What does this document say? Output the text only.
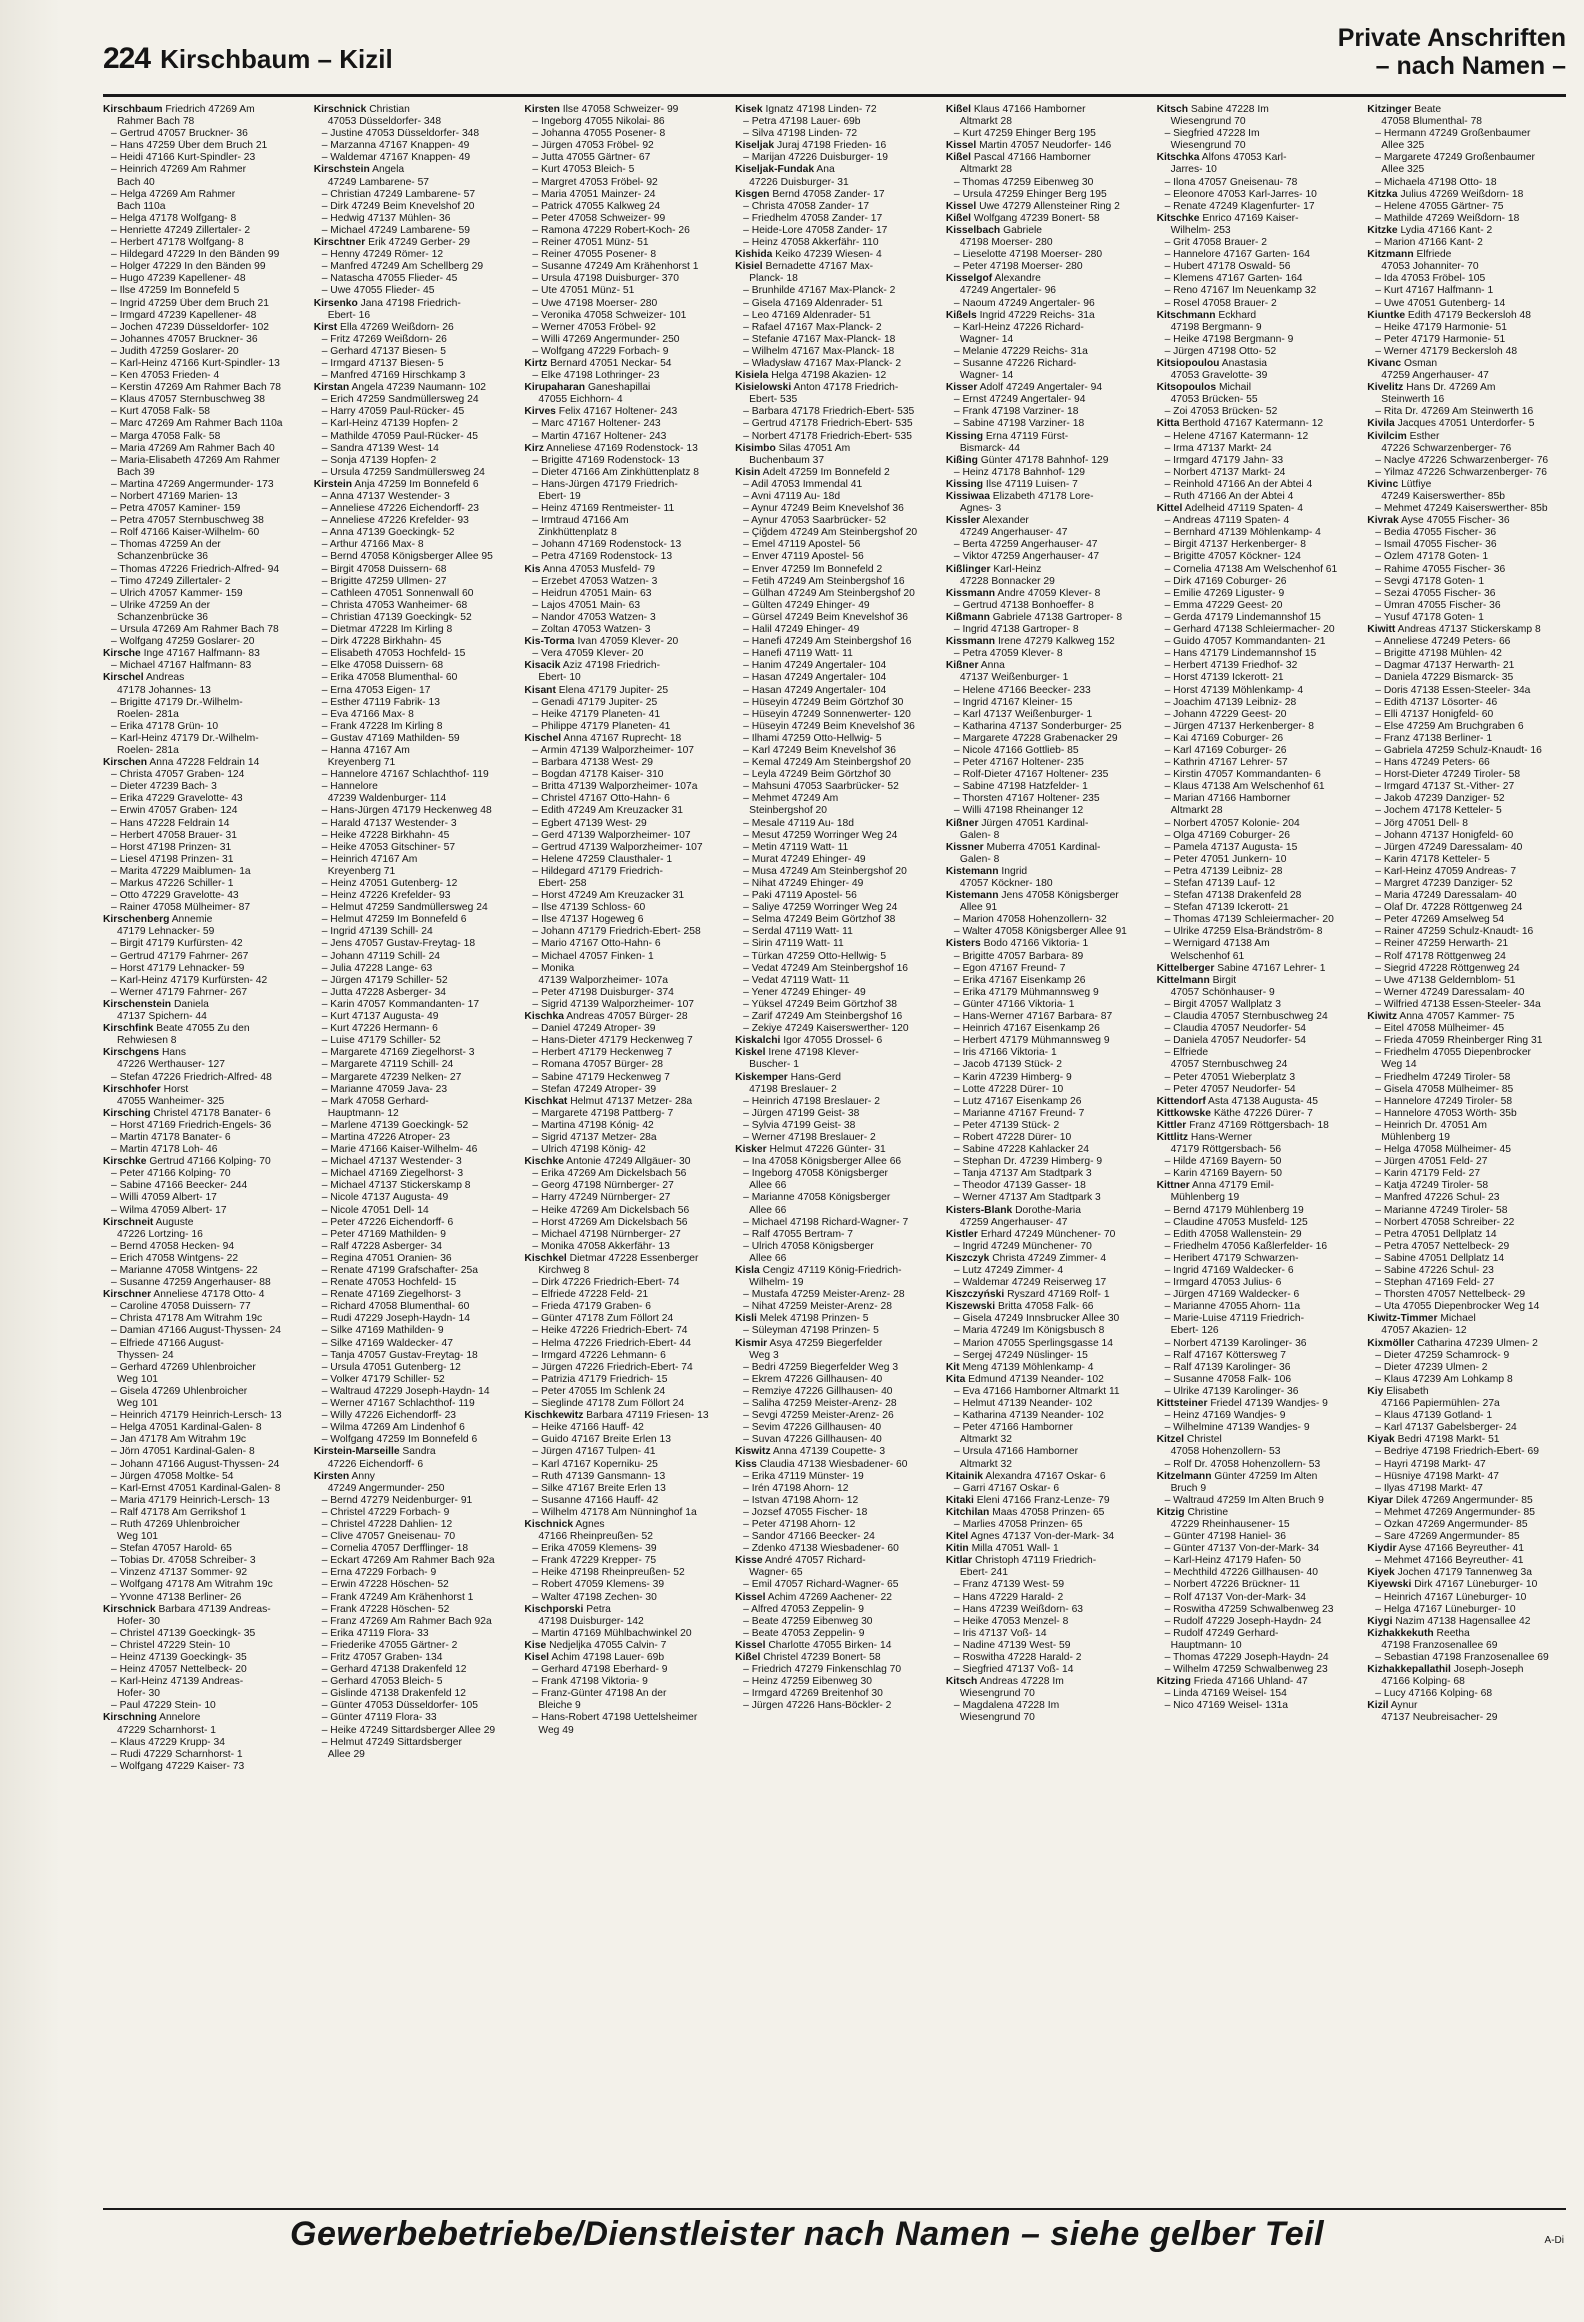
224 Kirschbaum – Kizil
Private Anschriften
– nach Namen –
Kirschbaum Friedrich 47269 Am
Rahmer Bach 78
– Gertrud 47057 Bruckner- 36
– Hans 47259 Über dem Bruch 21
– Heidi 47166 Kurt-Spindler- 23
– Heinrich 47269 Am Rahmer
Bach 40
– Helga 47269 Am Rahmer
Bach 110a
– Helga 47178 Wolfgang- 8
– Henriette 47249 Zillertaler- 2
– Herbert 47178 Wolfgang- 8
– Hildegard 47229 In den Bänden 99
– Holger 47229 In den Bänden 99
– Hugo 47239 Kapellener- 48
– Ilse 47259 Im Bonnefeld 5
– Ingrid 47259 Über dem Bruch 21
– Irmgard 47239 Kapellener- 48
– Jochen 47239 Düsseldorfer- 102
– Johannes 47057 Bruckner- 36
– Judith 47259 Goslarer- 20
– Karl-Heinz 47166 Kurt-Spindler- 13
– Ken 47053 Frieden- 4
– Kerstin 47269 Am Rahmer Bach 78
– Klaus 47057 Sternbuschweg 38
– Kurt 47058 Falk- 58
– Marc 47269 Am Rahmer Bach 110a
– Marga 47058 Falk- 58
– Maria 47269 Am Rahmer Bach 40
– Maria-Elisabeth 47269 Am Rahmer
Bach 39
– Martina 47269 Angermunder- 173
– Norbert 47169 Marien- 13
– Petra 47057 Kaminer- 159
– Petra 47057 Sternbuschweg 38
– Rolf 47166 Kaiser-Wilhelm- 60
– Thomas 47259 An der
Schanzenbrücke 36
– Thomas 47226 Friedrich-Alfred- 94
– Timo 47249 Zillertaler- 2
– Ulrich 47057 Kammer- 159
– Ulrike 47259 An der
Schanzenbrücke 36
– Ursula 47269 Am Rahmer Bach 78
– Wolfgang 47259 Goslarer- 20
Kirsche Inge 47167 Halfmann- 83
– Michael 47167 Halfmann- 83
Kirschel Andreas
47178 Johannes- 13
– Brigitte 47179 Dr.-Wilhelm-
Roelen- 281a
– Erika 47178 Grün- 10
– Karl-Heinz 47179 Dr.-Wilhelm-
Roelen- 281a
Kirschen Anna 47228 Feldrain 14
– Christa 47057 Graben- 124
– Dieter 47239 Bach- 3
– Erika 47229 Gravelotte- 43
– Erwin 47057 Graben- 124
– Hans 47228 Feldrain 14
– Herbert 47058 Brauer- 31
– Horst 47198 Prinzen- 31
– Liesel 47198 Prinzen- 31
– Marita 47229 Maiblumen- 1a
– Markus 47226 Schiller- 1
– Otto 47229 Gravelotte- 43
– Rainer 47058 Mülheimer- 87
Kirschenberg Annemie
47179 Lehnacker- 59
– Birgit 47179 Kurfürsten- 42
– Gertrud 47179 Fahrner- 267
– Horst 47179 Lehnacker- 59
– Karl-Heinz 47179 Kurfürsten- 42
– Werner 47179 Fahrner- 267
Kirschenstein Daniela
47137 Spichern- 44
Kirschfink Beate 47055 Zu den
Rehwiesen 8
Kirschgens Hans
47226 Werthauser- 127
– Stefan 47226 Friedrich-Alfred- 48
Kirschhofer Horst
47055 Wanheimer- 325
Kirsching Christel 47178 Banater- 6
– Horst 47169 Friedrich-Engels- 36
– Martin 47178 Banater- 6
– Martin 47178 Loh- 46
Kirschke Gertrud 47166 Kolping- 70
– Peter 47166 Kolping- 70
– Sabine 47166 Beecker- 244
– Willi 47059 Albert- 17
– Wilma 47059 Albert- 17
Kirschneit Auguste
47226 Lortzing- 16
– Bernd 47058 Hecken- 94
– Erich 47058 Wintgens- 22
– Marianne 47058 Wintgens- 22
– Susanne 47259 Angerhauser- 88
Kirschner Anneliese 47178 Otto- 4
– Caroline 47058 Duissern- 77
– Christa 47178 Am Witrahm 19c
– Damian 47166 August-Thyssen- 24
– Elfriede 47166 August-
Thyssen- 24
– Gerhard 47269 Uhlenbroicher
Weg 101
– Gisela 47269 Uhlenbroicher
Weg 101
– Heinrich 47179 Heinrich-Lersch- 13
– Helga 47051 Kardinal-Galen- 8
– Jan 47178 Am Witrahm 19c
– Jörn 47051 Kardinal-Galen- 8
– Johann 47166 August-Thyssen- 24
– Jürgen 47058 Moltke- 54
– Karl-Ernst 47051 Kardinal-Galen- 8
– Maria 47179 Heinrich-Lersch- 13
– Ralf 47178 Am Gerrikshof 1
– Ruth 47269 Uhlenbroicher
Weg 101
– Stefan 47057 Harold- 65
– Tobias Dr. 47058 Schreiber- 3
– Vinzenz 47137 Sommer- 92
– Wolfgang 47178 Am Witrahm 19c
– Yvonne 47138 Berliner- 26
Kirschnick Barbara 47139 Andreas-
Hofer- 30
– Christel 47139 Goeckingk- 35
– Christel 47229 Stein- 10
– Heinz 47139 Goeckingk- 35
– Heinz 47057 Nettelbeck- 20
– Karl-Heinz 47139 Andreas-
Hofer- 30
– Paul 47229 Stein- 10
Kirschning Annelore
47229 Scharnhorst- 1
– Klaus 47229 Krupp- 34
– Rudi 47229 Scharnhorst- 1
– Wolfgang 47229 Kaiser- 73
Kirschnick Christian
47053 Düsseldorfer- 348
– Justine 47053 Düsseldorfer- 348
– Marzanna 47167 Knappen- 49
– Waldemar 47167 Knappen- 49
Kirschstein Angela
47249 Lambarene- 57
– Christian 47249 Lambarene- 57
– Dirk 47249 Beim Knevelshof 20
– Hedwig 47137 Mühlen- 36
– Michael 47249 Lambarene- 59
Kirschtner Erik 47249 Gerber- 29
– Henny 47249 Römer- 12
– Manfred 47249 Am Schellberg 29
– Natascha 47055 Flieder- 45
– Uwe 47055 Flieder- 45
Kirsenko Jana 47198 Friedrich-
Ebert- 16
Kirst Ella 47269 Weißdorn- 26
– Fritz 47269 Weißdorn- 26
– Gerhard 47137 Biesen- 5
– Irmgard 47137 Biesen- 5
– Manfred 47169 Hirschkamp 3
Kirstan Angela 47239 Naumann- 102
– Erich 47259 Sandmüllersweg 24
– Harry 47059 Paul-Rücker- 45
– Karl-Heinz 47139 Hopfen- 2
– Mathilde 47059 Paul-Rücker- 45
– Sandra 47139 West- 14
– Sonja 47139 Hopfen- 2
– Ursula 47259 Sandmüllersweg 24
Kirstein Anja 47259 Im Bonnefeld 6
– Anna 47137 Westender- 3
– Anneliese 47226 Eichendorff- 23
– Anneliese 47226 Krefelder- 93
– Anna 47139 Goeckingk- 52
– Arthur 47166 Max- 8
– Bernd 47058 Königsberger Allee 95
– Birgit 47058 Duissern- 68
– Brigitte 47259 Ullmen- 27
– Cathleen 47051 Sonnenwall 60
– Christa 47053 Wanheimer- 68
– Christian 47139 Goeckingk- 52
– Dietmar 47228 Im Kirling 8
– Dirk 47228 Birkhahn- 45
– Elisabeth 47053 Hochfeld- 15
– Elke 47058 Duissern- 68
– Erika 47058 Blumenthal- 60
– Erna 47053 Eigen- 17
– Esther 47119 Fabrik- 13
– Eva 47166 Max- 8
– Frank 47228 Im Kirling 8
– Gustav 47169 Mathilden- 59
– Hanna 47167 Am
Kreyenberg 71
– Hannelore 47167 Schlachthof- 119
– Hannelore
47239 Waldenburger- 114
– Hans-Jürgen 47179 Heckenweg 48
– Harald 47137 Westender- 3
– Heike 47228 Birkhahn- 45
– Heike 47053 Gitschiner- 57
– Heinrich 47167 Am
Kreyenberg 71
– Heinz 47051 Gutenberg- 12
– Heinz 47226 Krefelder- 93
– Helmut 47259 Sandmüllersweg 24
– Helmut 47259 Im Bonnefeld 6
– Ingrid 47139 Schill- 24
– Jens 47057 Gustav-Freytag- 18
– Johann 47119 Schill- 24
– Julia 47228 Lange- 63
– Jürgen 47179 Schiller- 52
– Jutta 47228 Asberger- 34
– Karin 47057 Kommandanten- 17
– Kurt 47137 Augusta- 49
– Kurt 47226 Hermann- 6
– Luise 47179 Schiller- 52
– Margarete 47169 Ziegelhorst- 3
– Margarete 47119 Schill- 24
– Margarete 47239 Nelken- 27
– Marianne 47059 Java- 23
– Mark 47058 Gerhard-
Hauptmann- 12
– Marlene 47139 Goeckingk- 52
– Martina 47226 Atroper- 23
– Marie 47166 Kaiser-Wilhelm- 46
– Michael 47137 Westender- 3
– Michael 47169 Ziegelhorst- 3
– Michael 47137 Stickerskamp 8
– Nicole 47137 Augusta- 49
– Nicole 47051 Dell- 14
– Peter 47226 Eichendorff- 6
– Peter 47169 Mathilden- 9
– Ralf 47228 Asberger- 34
– Regina 47051 Oranien- 36
– Renate 47199 Grafschafter- 25a
– Renate 47053 Hochfeld- 15
– Renate 47169 Ziegelhorst- 3
– Richard 47058 Blumenthal- 60
– Rudi 47229 Joseph-Haydn- 14
– Silke 47169 Mathilden- 9
– Silke 47169 Waldecker- 47
– Tanja 47057 Gustav-Freytag- 18
– Ursula 47051 Gutenberg- 12
– Volker 47179 Schiller- 52
– Waltraud 47229 Joseph-Haydn- 14
– Werner 47167 Schlachthof- 119
– Willy 47226 Eichendorff- 23
– Wilma 47269 Am Lindenhof 6
– Wolfgang 47259 Im Bonnefeld 6
Kirstein-Marseille Sandra
47226 Eichendorff- 6
Kirsten Anny
47249 Angermunder- 250
– Bernd 47279 Neidenburger- 91
– Christel 47229 Forbach- 9
– Christel 47228 Dahlien- 12
– Clive 47057 Gneisenau- 70
– Cornelia 47057 Derfflinger- 18
– Eckart 47269 Am Rahmer Bach 92a
– Erna 47229 Forbach- 9
– Erwin 47228 Höschen- 52
– Frank 47249 Am Krähenhorst 1
– Frank 47228 Höschen- 52
– Franz 47269 Am Rahmer Bach 92a
– Erika 47119 Flora- 33
– Friederike 47055 Gärtner- 2
– Fritz 47057 Graben- 134
– Gerhard 47138 Drakenfeld 12
– Gerhard 47053 Bleich- 5
– Gislinde 47138 Drakenfeld 12
– Günter 47053 Düsseldorfer- 105
– Günter 47119 Flora- 33
– Heike 47249 Sittardsberger Allee 29
– Helmut 47249 Sittardsberger
Allee 29
Kirsten Ilse 47058 Schweizer- 99
– Ingeborg 47055 Nikolai- 86
– Johanna 47055 Posener- 8
– Jürgen 47053 Fröbel- 92
– Jutta 47055 Gärtner- 67
– Kurt 47053 Bleich- 5
– Margret 47053 Fröbel- 92
– Maria 47051 Mainzer- 24
– Patrick 47055 Kalkweg 24
– Peter 47058 Schweizer- 99
– Ramona 47229 Robert-Koch- 26
– Reiner 47051 Münz- 51
– Reiner 47055 Posener- 8
– Susanne 47249 Am Krähenhorst 1
– Ursula 47198 Duisburger- 370
– Ute 47051 Münz- 51
– Uwe 47198 Moerser- 280
– Veronika 47058 Schweizer- 101
– Werner 47053 Fröbel- 92
– Willi 47269 Angermunder- 250
– Wolfgang 47229 Forbach- 9
Kirtz Bernard 47051 Neckar- 54
– Elke 47198 Lothringer- 23
Kirupaharan Ganeshapillai
47055 Eichhorn- 4
Kirves Felix 47167 Holtener- 243
– Marc 47167 Holtener- 243
– Martin 47167 Holtener- 243
Kirz Anneliese 47169 Rodenstock- 13
– Brigitte 47169 Rodenstock- 13
– Dieter 47166 Am Zinkhüttenplatz 8
– Hans-Jürgen 47179 Friedrich-
Ebert- 19
– Heinz 47169 Rentmeister- 11
– Irmtraud 47166 Am
Zinkhüttenplatz 8
– Johann 47169 Rodenstock- 13
– Petra 47169 Rodenstock- 13
Kis Anna 47053 Musfeld- 79
– Erzebet 47053 Watzen- 3
– Heidrun 47051 Main- 63
– Lajos 47051 Main- 63
– Nandor 47053 Watzen- 3
– Zoltan 47053 Watzen- 3
Kis-Torma Ivan 47059 Klever- 20
– Vera 47059 Klever- 20
Kisacik Aziz 47198 Friedrich-
Ebert- 10
Kisant Elena 47179 Jupiter- 25
– Genadi 47179 Jupiter- 25
– Heike 47179 Planeten- 41
– Philippe 47179 Planeten- 41
Kischel Anna 47167 Ruprecht- 18
– Armin 47139 Walporzheimer- 107
– Barbara 47138 West- 29
– Bogdan 47178 Kaiser- 310
– Britta 47139 Walporzheimer- 107a
– Christel 47167 Otto-Hahn- 6
– Edith 47249 Am Kreuzacker 31
– Egbert 47139 West- 29
– Gerd 47139 Walporzheimer- 107
– Gertrud 47139 Walporzheimer- 107
– Helene 47259 Clausthaler- 1
– Hildegard 47179 Friedrich-
Ebert- 258
– Horst 47249 Am Kreuzacker 31
– Ilse 47139 Schloss- 60
– Ilse 47137 Hogeweg 6
– Johann 47179 Friedrich-Ebert- 258
– Mario 47167 Otto-Hahn- 6
– Michael 47057 Finken- 1
– Monika
47139 Walporzheimer- 107a
– Peter 47198 Duisburger- 374
– Sigrid 47139 Walporzheimer- 107
Kischka Andreas 47057 Bürger- 28
– Daniel 47249 Atroper- 39
– Hans-Dieter 47179 Heckenweg 7
– Herbert 47179 Heckenweg 7
– Romana 47057 Bürger- 28
– Sabine 47179 Heckenweg 7
– Stefan 47249 Atroper- 39
Kischkat Helmut 47137 Metzer- 28a
– Margarete 47198 Pattberg- 7
– Martina 47198 Kónig- 42
– Sigrid 47137 Metzer- 28a
– Ulrich 47198 König- 42
Kischke Antonie 47249 Allgäuer- 30
– Erika 47269 Am Dickelsbach 56
– Georg 47198 Nürnberger- 27
– Harry 47249 Nürnberger- 27
– Heike 47269 Am Dickelsbach 56
– Horst 47269 Am Dickelsbach 56
– Michael 47198 Nürnberger- 27
– Monika 47058 Akkerfähr- 13
Kischkel Dietmar 47228 Essenberger
Kirchweg 8
– Dirk 47226 Friedrich-Ebert- 74
– Elfriede 47228 Feld- 21
– Frieda 47179 Graben- 6
– Günter 47178 Zum Föllort 24
– Heike 47226 Friedrich-Ebert- 74
– Helma 47226 Friedrich-Ebert- 44
– Irmgard 47226 Lehmann- 6
– Jürgen 47226 Friedrich-Ebert- 74
– Patrizia 47179 Friedrich- 15
– Peter 47055 Im Schlenk 24
– Sieglinde 47178 Zum Föllort 24
Kischkewitz Barbara 47119 Friesen- 13
– Heike 47166 Hauff- 42
– Guido 47167 Breite Erlen 13
– Jürgen 47167 Tulpen- 41
– Karl 47167 Koperniku- 25
– Ruth 47139 Gansmann- 13
– Silke 47167 Breite Erlen 13
– Susanne 47166 Hauff- 42
– Wilhelm 47178 Am Nünninghof 1a
Kischnick Agnes
47166 Rheinpreußen- 52
– Erika 47059 Klemens- 39
– Frank 47229 Krepper- 75
– Heike 47198 Rheinpreußen- 52
– Robert 47059 Klemens- 39
– Walter 47198 Zechen- 30
Kischporski Petra
47198 Duisburger- 142
– Martin 47169 Mühlbachwinkel 20
Kise Nedjeljka 47055 Calvin- 7
Kisel Achim 47198 Lauer- 69b
– Gerhard 47198 Eberhard- 9
– Frank 47198 Viktoria- 9
– Franz-Günter 47198 An der
Bleiche 9
– Hans-Robert 47198 Uettelsheimer
Weg 49
Kisek Ignatz 47198 Linden- 72
– Petra 47198 Lauer- 69b
– Silva 47198 Linden- 72
Kiseljak Juraj 47198 Frieden- 16
– Marijan 47226 Duisburger- 19
Kiseljak-Fundak Ana
47226 Duisburger- 31
Kisgen Bernd 47058 Zander- 17
– Christa 47058 Zander- 17
– Friedhelm 47058 Zander- 17
– Heide-Lore 47058 Zander- 17
– Heinz 47058 Akkerfähr- 110
Kishida Keiko 47239 Wiesen- 4
Kisiel Bernadette 47167 Max-
Planck- 18
– Brunhilde 47167 Max-Planck- 2
– Gisela 47169 Aldenrader- 51
– Leo 47169 Aldenrader- 51
– Rafael 47167 Max-Planck- 2
– Stefanie 47167 Max-Planck- 18
– Wilhelm 47167 Max-Planck- 18
– Władysław 47167 Max-Planck- 2
Kisiela Helga 47198 Akazien- 12
Kisielowski Anton 47178 Friedrich-
Ebert- 535
– Barbara 47178 Friedrich-Ebert- 535
– Gertrud 47178 Friedrich-Ebert- 535
– Norbert 47178 Friedrich-Ebert- 535
Kisimbo Silas 47051 Am
Buchenbaum 37
Kisin Adelt 47259 Im Bonnefeld 2
– Adil 47053 Immendal 41
– Avni 47119 Au- 18d
– Aynur 47249 Beim Knevelshof 36
– Aynur 47053 Saarbrücker- 52
– Çiğdem 47249 Am Steinbergshof 20
– Emel 47119 Apostel- 56
– Enver 47119 Apostel- 56
– Enver 47259 Im Bonnefeld 2
– Fetih 47249 Am Steinbergshof 16
– Gülhan 47249 Am Steinbergshof 20
– Gülten 47249 Ehinger- 49
– Gürsel 47249 Beim Knevelshof 36
– Halil 47249 Ehinger- 49
– Hanefi 47249 Am Steinbergshof 16
– Hanefi 47119 Watt- 11
– Hanim 47249 Angertaler- 104
– Hasan 47249 Angertaler- 104
– Hasan 47249 Angertaler- 104
– Hüseyin 47249 Beim Görtzhof 30
– Hüseyin 47249 Sonnenwerter- 120
– Hüseyin 47249 Beim Knevelshof 36
– Ilhami 47259 Otto-Hellwig- 5
– Karl 47249 Beim Knevelshof 36
– Kemal 47249 Am Steinbergshof 20
– Leyla 47249 Beim Görtzhof 30
– Mahsuni 47053 Saarbrücker- 52
– Mehmet 47249 Am
Steinbergshof 20
– Mesale 47119 Au- 18d
– Mesut 47259 Worringer Weg 24
– Metin 47119 Watt- 11
– Murat 47249 Ehinger- 49
– Musa 47249 Am Steinbergshof 20
– Nihat 47249 Ehinger- 49
– Paki 47119 Apostel- 56
– Saliye 47259 Worringer Weg 24
– Selma 47249 Beim Görtzhof 38
– Serdal 47119 Watt- 11
– Sirin 47119 Watt- 11
– Türkan 47259 Otto-Hellwig- 5
– Vedat 47249 Am Steinbergshof 16
– Vedat 47119 Watt- 11
– Yener 47249 Ehinger- 49
– Yüksel 47249 Beim Görtzhof 38
– Zarif 47249 Am Steinbergshof 16
– Zekiye 47249 Kaiserswerther- 120
Kiskalchi Igor 47055 Drossel- 6
Kiskel Irene 47198 Klever-
Buscher- 1
Kiskemper Hans-Gerd
47198 Breslauer- 2
– Heinrich 47198 Breslauer- 2
– Jürgen 47199 Geist- 38
– Sylvia 47199 Geist- 38
– Werner 47198 Breslauer- 2
Kisker Helmut 47226 Günter- 31
– Ina 47058 Königsberger Allee 66
– Ingeborg 47058 Königsberger
Allee 66
– Marianne 47058 Königsberger
Allee 66
– Michael 47198 Richard-Wagner- 7
– Ralf 47055 Bertram- 7
– Ulrich 47058 Königsberger
Allee 66
Kisla Cengiz 47119 König-Friedrich-
Wilhelm- 19
– Mustafa 47259 Meister-Arenz- 28
– Nihat 47259 Meister-Arenz- 28
Kisli Melek 47198 Prinzen- 5
– Süleyman 47198 Prinzen- 5
Kismir Asya 47259 Biegerfelder
Weg 3
– Bedri 47259 Biegerfelder Weg 3
– Ekrem 47226 Gillhausen- 40
– Remziye 47226 Gillhausen- 40
– Saliha 47259 Meister-Arenz- 28
– Sevgi 47259 Meister-Arenz- 26
– Sevim 47226 Gillhausen- 40
– Suvan 47226 Gillhausen- 40
Kiswitz Anna 47139 Coupette- 3
Kiss Claudia 47138 Wiesbadener- 60
– Erika 47119 Münster- 19
– Irén 47198 Ahorn- 12
– Istvan 47198 Ahorn- 12
– Jozsef 47055 Fischer- 18
– Peter 47198 Ahorn- 12
– Sandor 47166 Beecker- 24
– Zdenko 47138 Wiesbadener- 60
Kisse André 47057 Richard-
Wagner- 65
– Emil 47057 Richard-Wagner- 65
Kissel Achim 47269 Aachener- 22
– Alfred 47053 Zeppelin- 9
– Beate 47259 Eibenweg 30
– Beate 47053 Zeppelin- 9
Kissel Charlotte 47055 Birken- 14
Kißel Christel 47239 Bonert- 58
– Friedrich 47279 Finkenschlag 70
– Heinz 47259 Eibenweg 30
– Irmgard 47269 Breitenhof 30
– Jürgen 47226 Hans-Böckler- 2
Kißel Klaus 47166 Hamborner
Altmarkt 28
– Kurt 47259 Ehinger Berg 195
Kissel Martin 47057 Neudorfer- 146
Kißel Pascal 47166 Hamborner
Altmarkt 28
– Thomas 47259 Eibenweg 30
– Ursula 47259 Ehinger Berg 195
Kissel Uwe 47279 Allensteiner Ring 2
Kißel Wolfgang 47239 Bonert- 58
Kisselbach Gabriele
47198 Moerser- 280
– Lieselotte 47198 Moerser- 280
– Peter 47198 Moerser- 280
Kisselgof Alexandre
47249 Angertaler- 96
– Naoum 47249 Angertaler- 96
Kißels Ingrid 47229 Reichs- 31a
– Karl-Heinz 47226 Richard-
Wagner- 14
– Melanie 47229 Reichs- 31a
– Susanne 47226 Richard-
Wagner- 14
Kisser Adolf 47249 Angertaler- 94
– Ernst 47249 Angertaler- 94
– Frank 47198 Varziner- 18
– Sabine 47198 Varziner- 18
Kissing Erna 47119 Fürst-
Bismarck- 44
Kißing Günter 47178 Bahnhof- 129
– Heinz 47178 Bahnhof- 129
Kissing Ilse 47119 Luisen- 7
Kissiwaa Elizabeth 47178 Lore-
Agnes- 3
Kissler Alexander
47249 Angerhauser- 47
– Berta 47259 Angerhauser- 47
– Viktor 47259 Angerhauser- 47
Kißlinger Karl-Heinz
47228 Bonnacker 29
Kissmann Andre 47059 Klever- 8
– Gertrud 47138 Bonhoeffer- 8
Kißmann Gabriele 47138 Gartroper- 8
– Ingrid 47138 Gartroper- 8
Kissmann Irene 47279 Kalkweg 152
– Petra 47059 Klever- 8
Kißner Anna
47137 Weißenburger- 1
– Helene 47166 Beecker- 233
– Ingrid 47167 Kleiner- 15
– Karl 47137 Weißenburger- 1
– Katharina 47137 Sonderburger- 25
– Margarete 47228 Grabenacker 29
– Nicole 47166 Gottlieb- 85
– Peter 47167 Holtener- 235
– Rolf-Dieter 47167 Holtener- 235
– Sabine 47198 Hatzfelder- 1
– Thorsten 47167 Holtener- 235
– Willi 47198 Rheinanger 12
Kißner Jürgen 47051 Kardinal-
Galen- 8
Kissner Muberra 47051 Kardinal-
Galen- 8
Kistemann Ingrid
47057 Köckner- 180
Kistemann Jens 47058 Königsberger
Allee 91
– Marion 47058 Hohenzollern- 32
– Walter 47058 Königsberger Allee 91
Kisters Bodo 47166 Viktoria- 1
– Brigitte 47057 Barbara- 89
– Egon 47167 Freund- 7
– Erika 47167 Eisenkamp 26
– Erika 47179 Mühmannsweg 9
– Günter 47166 Viktoria- 1
– Hans-Werner 47167 Barbara- 87
– Heinrich 47167 Eisenkamp 26
– Herbert 47179 Mühmannsweg 9
– Iris 47166 Viktoria- 1
– Jacob 47139 Stück- 2
– Karin 47239 Himberg- 9
– Lotte 47228 Dürer- 10
– Lutz 47167 Eisenkamp 26
– Marianne 47167 Freund- 7
– Peter 47139 Stück- 2
– Robert 47228 Dürer- 10
– Sabine 47228 Kahlacker 24
– Stephan Dr. 47239 Himberg- 9
– Tanja 47137 Am Stadtpark 3
– Theodor 47139 Gasser- 18
– Werner 47137 Am Stadtpark 3
Kisters-Blank Dorothe-Maria
47259 Angerhauser- 47
Kistler Erhard 47249 Münchener- 70
– Ingrid 47249 Münchener- 70
Kiszczyk Christa 47249 Zimmer- 4
– Lutz 47249 Zimmer- 4
– Waldemar 47249 Reiserweg 17
Kiszczyński Ryszard 47169 Rolf- 1
Kiszewski Britta 47058 Falk- 66
– Gisela 47249 Innsbrucker Allee 30
– Maria 47249 Im Königsbusch 8
– Marion 47055 Sperlingsgasse 14
– Sergej 47249 Nüslinger- 15
Kit Meng 47139 Möhlenkamp- 4
Kita Edmund 47139 Neander- 102
– Eva 47166 Hamborner Altmarkt 11
– Helmut 47139 Neander- 102
– Katharina 47139 Neander- 102
– Peter 47166 Hamborner
Altmarkt 32
– Ursula 47166 Hamborner
Altmarkt 32
Kitainik Alexandra 47167 Oskar- 6
– Garri 47167 Oskar- 6
Kitaki Eleni 47166 Franz-Lenze- 79
Kitchilan Maas 47058 Prinzen- 65
– Marlies 47058 Prinzen- 65
Kitel Agnes 47137 Von-der-Mark- 34
Kitin Milla 47051 Wall- 1
Kitlar Christoph 47119 Friedrich-
Ebert- 241
– Franz 47139 West- 59
– Hans 47229 Harald- 2
– Hans 47239 Weißdorn- 63
– Heike 47053 Menzel- 8
– Iris 47137 Voß- 14
– Nadine 47139 West- 59
– Roswitha 47228 Harald- 2
– Siegfried 47137 Voß- 14
Kitsch Andreas 47228 Im
Wiesengrund 70
– Magdalena 47228 Im
Wiesengrund 70
Kitsch Sabine 47228 Im
Wiesengrund 70
– Siegfried 47228 Im
Wiesengrund 70
Kitschka Alfons 47053 Karl-
Jarres- 10
– Ilona 47057 Gneisenau- 78
– Eleonore 47053 Karl-Jarres- 10
– Renate 47249 Klagenfurter- 17
Kitschke Enrico 47169 Kaiser-
Wilhelm- 253
– Grit 47058 Brauer- 2
– Hannelore 47167 Garten- 164
– Hubert 47178 Oswald- 56
– Klemens 47167 Garten- 164
– Reno 47167 Im Neuenkamp 32
– Rosel 47058 Brauer- 2
Kitschmann Eckhard
47198 Bergmann- 9
– Heike 47198 Bergmann- 9
– Jürgen 47198 Otto- 52
Kitsiopoulou Anastasia
47053 Gravelotte- 39
Kitsopoulos Michail
47053 Brücken- 55
– Zoi 47053 Brücken- 52
Kitta Berthold 47167 Katermann- 12
– Helene 47167 Katermann- 12
– Irma 47137 Markt- 24
– Irmgard 47179 Jahn- 33
– Norbert 47137 Markt- 24
– Reinhold 47166 An der Abtei 4
– Ruth 47166 An der Abtei 4
Kittel Adelheid 47119 Spaten- 4
– Andreas 47119 Spaten- 4
– Bernhard 47139 Möhlenkamp- 4
– Birgit 47137 Herkenberger- 8
– Brigitte 47057 Köckner- 124
– Cornelia 47138 Am Welschenhof 61
– Dirk 47169 Coburger- 26
– Emilie 47269 Liguster- 9
– Emma 47229 Geest- 20
– Gerda 47179 Lindemannshof 15
– Gerhard 47138 Schleiermacher- 20
– Guido 47057 Kommandanten- 21
– Hans 47179 Lindemannshof 15
– Herbert 47139 Friedhof- 32
– Horst 47139 Ickerott- 21
– Horst 47139 Möhlenkamp- 4
– Joachim 47139 Leibniz- 28
– Johann 47229 Geest- 20
– Jürgen 47137 Herkenberger- 8
– Kai 47169 Coburger- 26
– Karl 47169 Coburger- 26
– Kathrin 47167 Lehrer- 57
– Kirstin 47057 Kommandanten- 6
– Klaus 47138 Am Welschenhof 61
– Marian 47166 Hamborner
Altmarkt 28
– Norbert 47057 Kolonie- 204
– Olga 47169 Coburger- 26
– Pamela 47137 Augusta- 15
– Peter 47051 Junkern- 10
– Petra 47139 Leibniz- 28
– Stefan 47139 Lauf- 12
– Stefan 47138 Drakenfeld 28
– Stefan 47139 Ickerott- 21
– Thomas 47139 Schleiermacher- 20
– Ulrike 47259 Elsa-Brändström- 8
– Wernigard 47138 Am
Welschenhof 61
Kittelberger Sabine 47167 Lehrer- 1
Kittelmann Birgit
47057 Schönhauser- 9
– Birgit 47057 Wallplatz 3
– Claudia 47057 Sternbuschweg 24
– Claudia 47057 Neudorfer- 54
– Daniela 47057 Neudorfer- 54
– Elfriede
47057 Sternbuschweg 24
– Peter 47051 Wieberplatz 3
– Peter 47057 Neudorfer- 54
Kittendorf Asta 47138 Augusta- 45
Kittkowske Käthe 47226 Dürer- 7
Kittler Franz 47169 Röttgersbach- 18
Kittlitz Hans-Werner
47179 Röttgersbach- 56
– Hilde 47169 Bayern- 50
– Karin 47169 Bayern- 50
Kittner Anna 47179 Emil-
Mühlenberg 19
– Bernd 47179 Mühlenberg 19
– Claudine 47053 Musfeld- 125
– Edith 47058 Wallenstein- 29
– Friedhelm 47056 Kaßlerfelder- 16
– Heribert 47179 Schwarzen-
– Ingrid 47169 Waldecker- 6
– Irmgard 47053 Julius- 6
– Jürgen 47169 Waldecker- 6
– Marianne 47055 Ahorn- 11a
– Marie-Luise 47119 Friedrich-
Ebert- 126
– Norbert 47139 Karolinger- 36
– Ralf 47167 Köttersweg 7
– Ralf 47139 Karolinger- 36
– Susanne 47058 Falk- 106
– Ulrike 47139 Karolinger- 36
Kittsteiner Friedel 47139 Wandjes- 9
– Heinz 47169 Wandjes- 9
– Wilhelmine 47139 Wandjes- 9
Kitzel Christel
47058 Hohenzollern- 53
– Rolf Dr. 47058 Hohenzollern- 53
Kitzelmann Günter 47259 Im Alten
Bruch 9
– Waltraud 47259 Im Alten Bruch 9
Kitzig Christine
47229 Rheinhausener- 15
– Günter 47198 Haniel- 36
– Günter 47137 Von-der-Mark- 34
– Karl-Heinz 47179 Hafen- 50
– Mechthild 47226 Gillhausen- 40
– Norbert 47226 Brückner- 11
– Rolf 47137 Von-der-Mark- 34
– Roswitha 47259 Schwalbenweg 23
– Rudolf 47229 Joseph-Haydn- 24
– Rudolf 47249 Gerhard-
Hauptmann- 10
– Thomas 47229 Joseph-Haydn- 24
– Wilhelm 47259 Schwalbenweg 23
Kitzing Frieda 47166 Uhland- 47
– Linda 47169 Weisel- 154
– Nico 47169 Weisel- 131a
Kitzinger Beate
47058 Blumenthal- 78
– Hermann 47249 Großenbaumer
Allee 325
– Margarete 47249 Großenbaumer
Allee 325
– Michaela 47198 Otto- 18
Kitzka Julius 47269 Weißdorn- 18
– Helene 47055 Gärtner- 75
– Mathilde 47269 Weißdorn- 18
Kitzke Lydia 47166 Kant- 2
– Marion 47166 Kant- 2
Kitzmann Elfriede
47053 Johanniter- 70
– Ida 47053 Fröbel- 105
– Kurt 47167 Halfmann- 1
– Uwe 47051 Gutenberg- 14
Kiuntke Edith 47179 Beckersloh 48
– Heike 47179 Harmonie- 51
– Peter 47179 Harmonie- 51
– Werner 47179 Beckersloh 48
Kivanc Osman
47259 Angerhauser- 47
Kivelitz Hans Dr. 47269 Am
Steinwerth 16
– Rita Dr. 47269 Am Steinwerth 16
Kivila Jacques 47051 Unterdorfer- 5
Kivilcim Esther
47226 Schwarzenberger- 76
– Naclye 47226 Schwarzenberger- 76
– Yilmaz 47226 Schwarzenberger- 76
Kivinc Lütfiye
47249 Kaiserswerther- 85b
– Mehmet 47249 Kaiserswerther- 85b
Kivrak Ayse 47055 Fischer- 36
– Bedia 47055 Fischer- 36
– Ismail 47055 Fischer- 36
– Özlem 47178 Goten- 1
– Rahime 47055 Fischer- 36
– Sevgi 47178 Goten- 1
– Sezai 47055 Fischer- 36
– Ümran 47055 Fischer- 36
– Yusuf 47178 Goten- 1
Kiwitt Andreas 47137 Stickerskamp 8
– Anneliese 47249 Peters- 66
– Brigitte 47198 Mühlen- 42
– Dagmar 47137 Herwarth- 21
– Daniela 47229 Bismarck- 35
– Doris 47138 Essen-Steeler- 34a
– Edith 47137 Lösorter- 46
– Elli 47137 Honigfeld- 60
– Else 47259 Am Bruchgraben 6
– Franz 47138 Berliner- 1
– Gabriela 47259 Schulz-Knaudt- 16
– Hans 47249 Peters- 66
– Horst-Dieter 47249 Tiroler- 58
– Irmgard 47137 St.-Vither- 27
– Jakob 47239 Danziger- 52
– Jochem 47178 Ketteler- 5
– Jörg 47051 Dell- 8
– Johann 47137 Honigfeld- 60
– Jürgen 47249 Daressalam- 40
– Karin 47178 Ketteler- 5
– Karl-Heinz 47059 Andreas- 7
– Margret 47239 Danziger- 52
– Maria 47249 Daressalam- 40
– Olaf Dr. 47228 Röttgenweg 24
– Peter 47269 Amselweg 54
– Rainer 47259 Schulz-Knaudt- 16
– Reiner 47259 Herwarth- 21
– Rolf 47178 Röttgenweg 24
– Siegrid 47228 Röttgenweg 24
– Uwe 47138 Geldernblom- 51
– Werner 47249 Daressalam- 40
– Wilfried 47138 Essen-Steeler- 34a
Kiwitz Anna 47057 Kammer- 75
– Eitel 47058 Mülheimer- 45
– Frieda 47059 Rheinberger Ring 31
– Friedhelm 47055 Diepenbrocker
Weg 14
– Friedhelm 47249 Tiroler- 58
– Gisela 47058 Mülheimer- 85
– Hannelore 47249 Tiroler- 58
– Hannelore 47053 Wörth- 35b
– Heinrich Dr. 47051 Am
Mühlenberg 19
– Helga 47058 Mülheimer- 45
– Jürgen 47051 Feld- 27
– Karin 47179 Feld- 27
– Katja 47249 Tiroler- 58
– Manfred 47226 Schul- 23
– Marianne 47249 Tiroler- 58
– Norbert 47058 Schreiber- 22
– Petra 47051 Dellplatz 14
– Petra 47057 Nettelbeck- 29
– Sabine 47051 Dellplatz 14
– Sabine 47226 Schul- 23
– Stephan 47169 Feld- 27
– Thorsten 47057 Nettelbeck- 29
– Uta 47055 Diepenbrocker Weg 14
Kiwitz-Timmer Michael
47057 Akazien- 12
Kixmöller Catharina 47239 Ulmen- 2
– Dieter 47259 Schamrock- 9
– Dieter 47239 Ulmen- 2
– Klaus 47239 Am Lohkamp 8
Kiy Elisabeth
47166 Papiermühlen- 27a
– Klaus 47139 Gotland- 1
– Karl 47137 Gabelsberger- 24
Kiyak Bedri 47198 Markt- 51
– Bedriye 47198 Friedrich-Ebert- 69
– Hayri 47198 Markt- 47
– Hüsniye 47198 Markt- 47
– Ilyas 47198 Markt- 47
Kiyar Dilek 47269 Angermunder- 85
– Mehmet 47269 Angermunder- 85
– Özkan 47269 Angermunder- 85
– Sare 47269 Angermunder- 85
Kiydir Ayse 47166 Beyreuther- 41
– Mehmet 47166 Beyreuther- 41
Kiyek Jochen 47179 Tannenweg 3a
Kiyewski Dirk 47167 Lüneburger- 10
– Heinrich 47167 Lüneburger- 10
– Helga 47167 Lüneburger- 10
Kiygi Nazim 47138 Hagensallee 42
Kizhakkekuth Reetha
47198 Franzosenallee 69
– Sebastian 47198 Franzosenallee 69
Kizhakkepallathil Joseph-Joseph
47166 Kolping- 68
– Lucy 47166 Kolping- 68
Kizil Aynur
47137 Neubreisacher- 29
Gewerbebetriebe/Dienstleister nach Namen – siehe gelber Teil	A-Di
